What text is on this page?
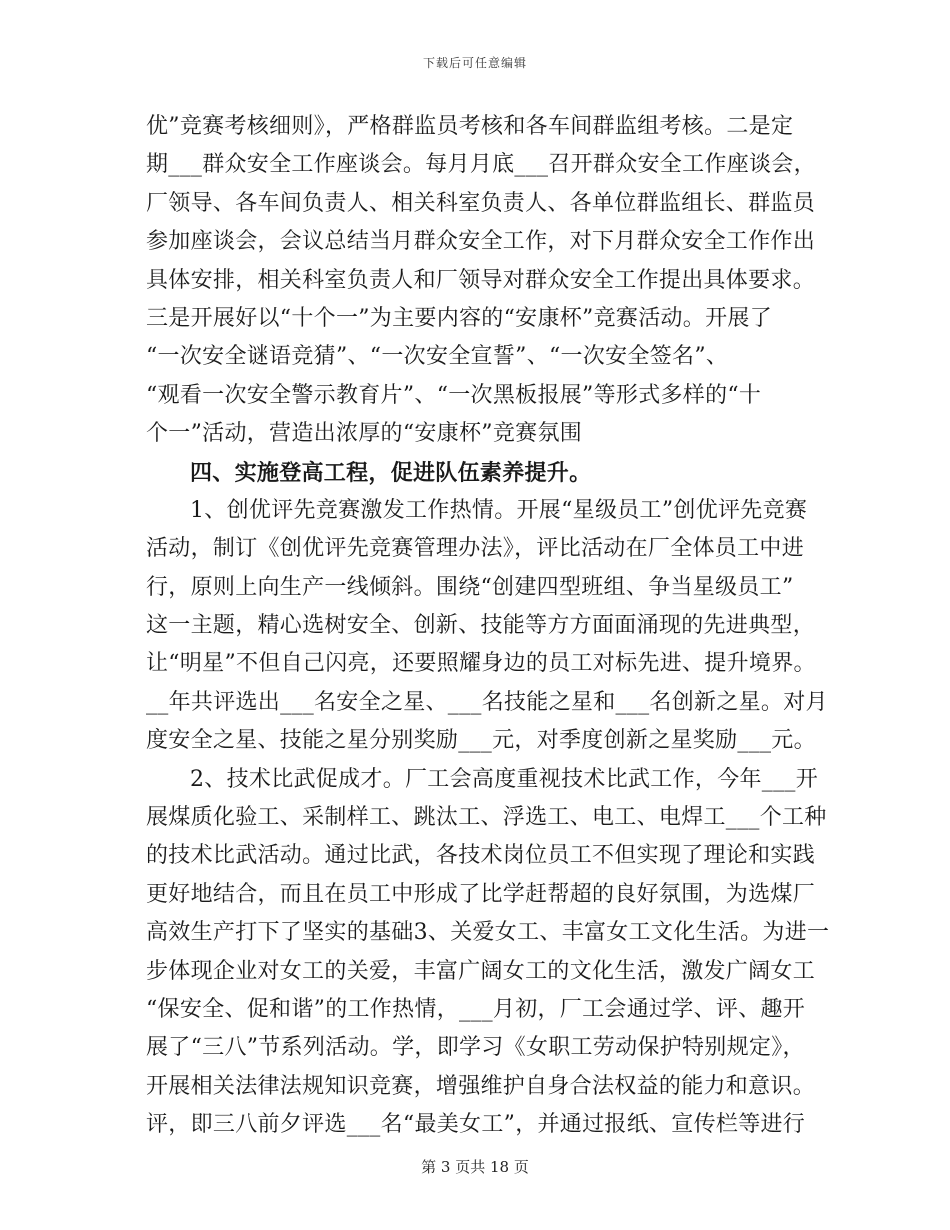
下载后可任意编辑
优”竞赛考核细则》，严格群监员考核和各车间群监组考核。二是定
期___群众安全工作座谈会。每月月底___召开群众安全工作座谈会，
厂领导、各车间负责人、相关科室负责人、各单位群监组长、群监员
参加座谈会，会议总结当月群众安全工作，对下月群众安全工作作出
具体安排，相关科室负责人和厂领导对群众安全工作提出具体要求。
三是开展好以“十个一”为主要内容的“安康杯”竞赛活动。开展了
“一次安全谜语竞猜”、“一次安全宣誓”、“一次安全签名”、
“观看一次安全警示教育片”、“一次黑板报展”等形式多样的“十
个一”活动，营造出浓厚的“安康杯”竞赛氛围
四、实施登高工程，促进队伍素养提升。
1、创优评先竞赛激发工作热情。开展“星级员工”创优评先竞赛
活动，制订《创优评先竞赛管理办法》，评比活动在厂全体员工中进
行，原则上向生产一线倾斜。围绕“创建四型班组、争当星级员工”
这一主题，精心选树安全、创新、技能等方方面面涌现的先进典型，
让“明星”不但自己闪亮，还要照耀身边的员工对标先进、提升境界。
__年共评选出___名安全之星、___名技能之星和___名创新之星。对月
度安全之星、技能之星分别奖励___元，对季度创新之星奖励___元。
2、技术比武促成才。厂工会高度重视技术比武工作，今年___开
展煤质化验工、采制样工、跳汰工、浮选工、电工、电焊工___个工种
的技术比武活动。通过比武，各技术岗位员工不但实现了理论和实践
更好地结合，而且在员工中形成了比学赶帮超的良好氛围，为选煤厂
高效生产打下了坚实的基础3、关爱女工、丰富女工文化生活。为进一
步体现企业对女工的关爱，丰富广阔女工的文化生活，激发广阔女工
“保安全、促和谐”的工作热情，___月初，厂工会通过学、评、趣开
展了“三八”节系列活动。学，即学习《女职工劳动保护特别规定》，
开展相关法律法规知识竞赛，增强维护自身合法权益的能力和意识。
评，即三八前夕评选___名“最美女工”，并通过报纸、宣传栏等进行
第 3 页共 18 页
